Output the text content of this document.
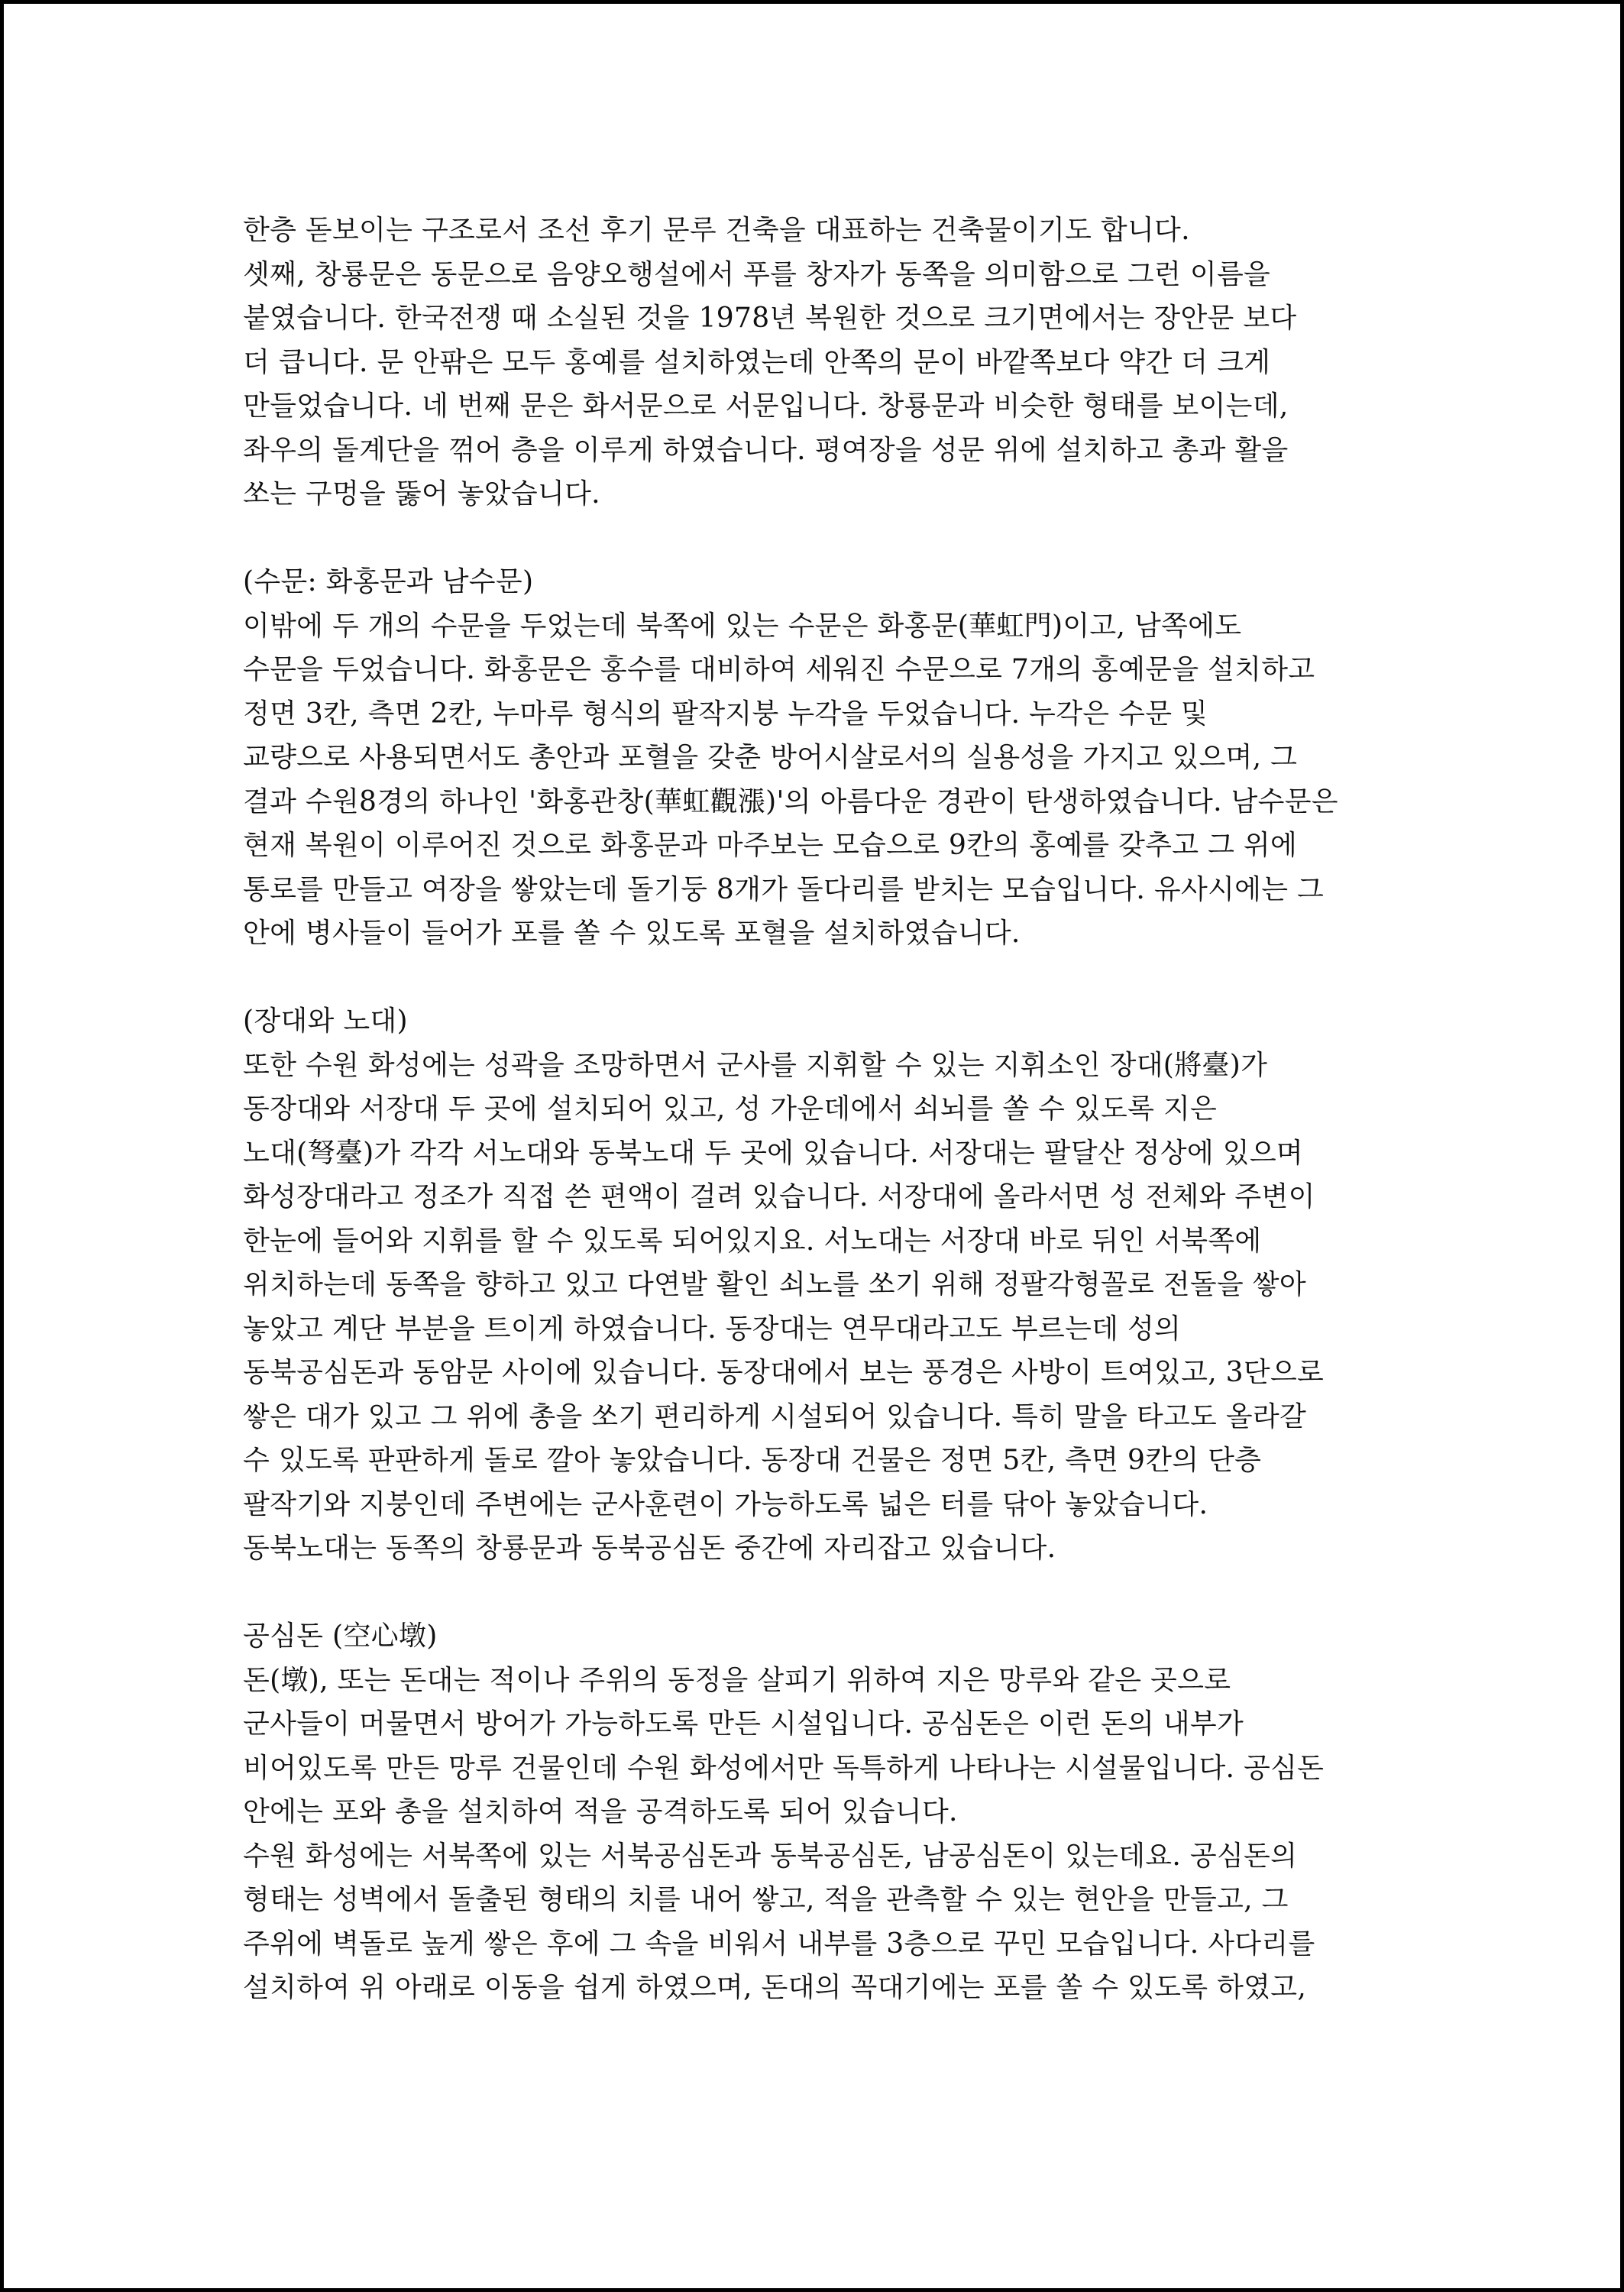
한층 돋보이는 구조로서 조선 후기 문루 건축을 대표하는 건축물이기도 합니다.
셋째, 창룡문은 동문으로 음양오행설에서 푸를 창자가 동쪽을 의미함으로 그런 이름을
붙였습니다. 한국전쟁 때 소실된 것을 1978년 복원한 것으로 크기면에서는 장안문 보다
더 큽니다. 문 안팎은 모두 홍예를 설치하였는데 안쪽의 문이 바깥쪽보다 약간 더 크게
만들었습니다. 네 번째 문은 화서문으로 서문입니다. 창룡문과 비슷한 형태를 보이는데,
좌우의 돌계단을 꺾어 층을 이루게 하였습니다. 평여장을 성문 위에 설치하고 총과 활을
쏘는 구멍을 뚫어 놓았습니다.
(수문: 화홍문과 남수문)
이밖에 두 개의 수문을 두었는데 북쪽에 있는 수문은 화홍문(華虹門)이고, 남쪽에도
수문을 두었습니다. 화홍문은 홍수를 대비하여 세워진 수문으로 7개의 홍예문을 설치하고
정면 3칸, 측면 2칸, 누마루 형식의 팔작지붕 누각을 두었습니다. 누각은 수문 및
교량으로 사용되면서도 총안과 포혈을 갖춘 방어시살로서의 실용성을 가지고 있으며, 그
결과 수원8경의 하나인 '화홍관창(華虹觀漲)'의 아름다운 경관이 탄생하였습니다. 남수문은
현재 복원이 이루어진 것으로 화홍문과 마주보는 모습으로 9칸의 홍예를 갖추고 그 위에
통로를 만들고 여장을 쌓았는데 돌기둥 8개가 돌다리를 받치는 모습입니다. 유사시에는 그
안에 병사들이 들어가 포를 쏠 수 있도록 포혈을 설치하였습니다.
(장대와 노대)
또한 수원 화성에는 성곽을 조망하면서 군사를 지휘할 수 있는 지휘소인 장대(將臺)가
동장대와 서장대 두 곳에 설치되어 있고, 성 가운데에서 쇠뇌를 쏠 수 있도록 지은
노대(弩臺)가 각각 서노대와 동북노대 두 곳에 있습니다. 서장대는 팔달산 정상에 있으며
화성장대라고 정조가 직접 쓴 편액이 걸려 있습니다. 서장대에 올라서면 성 전체와 주변이
한눈에 들어와 지휘를 할 수 있도록 되어있지요. 서노대는 서장대 바로 뒤인 서북쪽에
위치하는데 동쪽을 향하고 있고 다연발 활인 쇠노를 쏘기 위해 정팔각형꼴로 전돌을 쌓아
놓았고 계단 부분을 트이게 하였습니다. 동장대는 연무대라고도 부르는데 성의
동북공심돈과 동암문 사이에 있습니다. 동장대에서 보는 풍경은 사방이 트여있고, 3단으로
쌓은 대가 있고 그 위에 총을 쏘기 편리하게 시설되어 있습니다. 특히 말을 타고도 올라갈
수 있도록 판판하게 돌로 깔아 놓았습니다. 동장대 건물은 정면 5칸, 측면 9칸의 단층
팔작기와 지붕인데 주변에는 군사훈련이 가능하도록 넓은 터를 닦아 놓았습니다.
동북노대는 동쪽의 창룡문과 동북공심돈 중간에 자리잡고 있습니다.
공심돈 (空心墩)
돈(墩), 또는 돈대는 적이나 주위의 동정을 살피기 위하여 지은 망루와 같은 곳으로
군사들이 머물면서 방어가 가능하도록 만든 시설입니다. 공심돈은 이런 돈의 내부가
비어있도록 만든 망루 건물인데 수원 화성에서만 독특하게 나타나는 시설물입니다. 공심돈
안에는 포와 총을 설치하여 적을 공격하도록 되어 있습니다.
수원 화성에는 서북쪽에 있는 서북공심돈과 동북공심돈, 남공심돈이 있는데요. 공심돈의
형태는 성벽에서 돌출된 형태의 치를 내어 쌓고, 적을 관측할 수 있는 현안을 만들고, 그
주위에 벽돌로 높게 쌓은 후에 그 속을 비워서 내부를 3층으로 꾸민 모습입니다. 사다리를
설치하여 위 아래로 이동을 쉽게 하였으며, 돈대의 꼭대기에는 포를 쏠 수 있도록 하였고,
